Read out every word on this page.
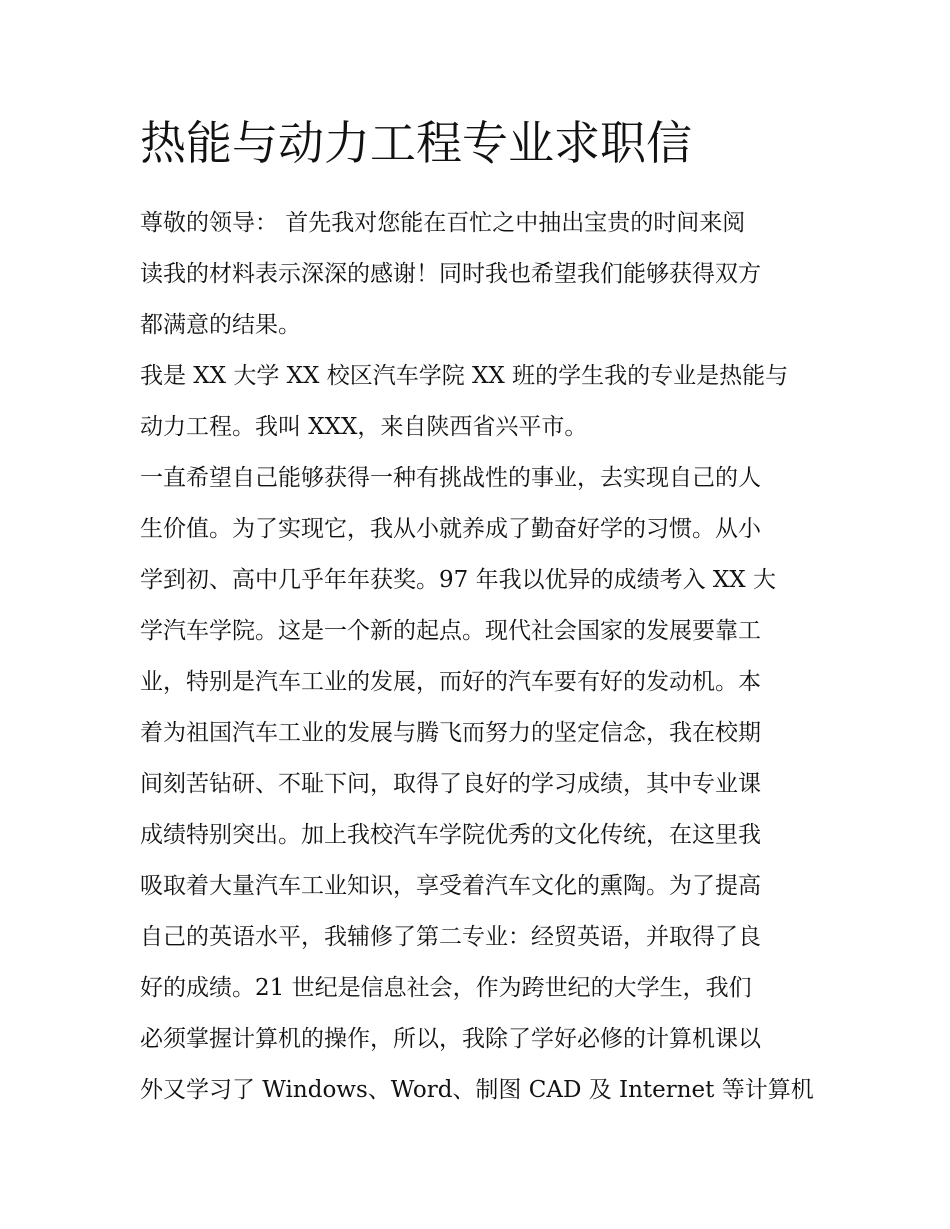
热能与动力工程专业求职信

尊敬的领导： 首先我对您能在百忙之中抽出宝贵的时间来阅

读我的材料表示深深的感谢！同时我也希望我们能够获得双方

都满意的结果。

我是 XX 大学 XX 校区汽车学院 XX 班的学生我的专业是热能与

动力工程。我叫 XXX，来自陕西省兴平市。

一直希望自己能够获得一种有挑战性的事业，去实现自己的人

生价值。为了实现它，我从小就养成了勤奋好学的习惯。从小

学到初、高中几乎年年获奖。97 年我以优异的成绩考入 XX 大

学汽车学院。这是一个新的起点。现代社会国家的发展要靠工

业，特别是汽车工业的发展，而好的汽车要有好的发动机。本

着为祖国汽车工业的发展与腾飞而努力的坚定信念，我在校期

间刻苦钻研、不耻下问，取得了良好的学习成绩，其中专业课

成绩特别突出。加上我校汽车学院优秀的文化传统，在这里我

吸取着大量汽车工业知识，享受着汽车文化的熏陶。为了提高

自己的英语水平，我辅修了第二专业：经贸英语，并取得了良

好的成绩。21 世纪是信息社会，作为跨世纪的大学生，我们

必须掌握计算机的操作，所以，我除了学好必修的计算机课以

外又学习了 Windows、Word、制图 CAD 及 Internet 等计算机
